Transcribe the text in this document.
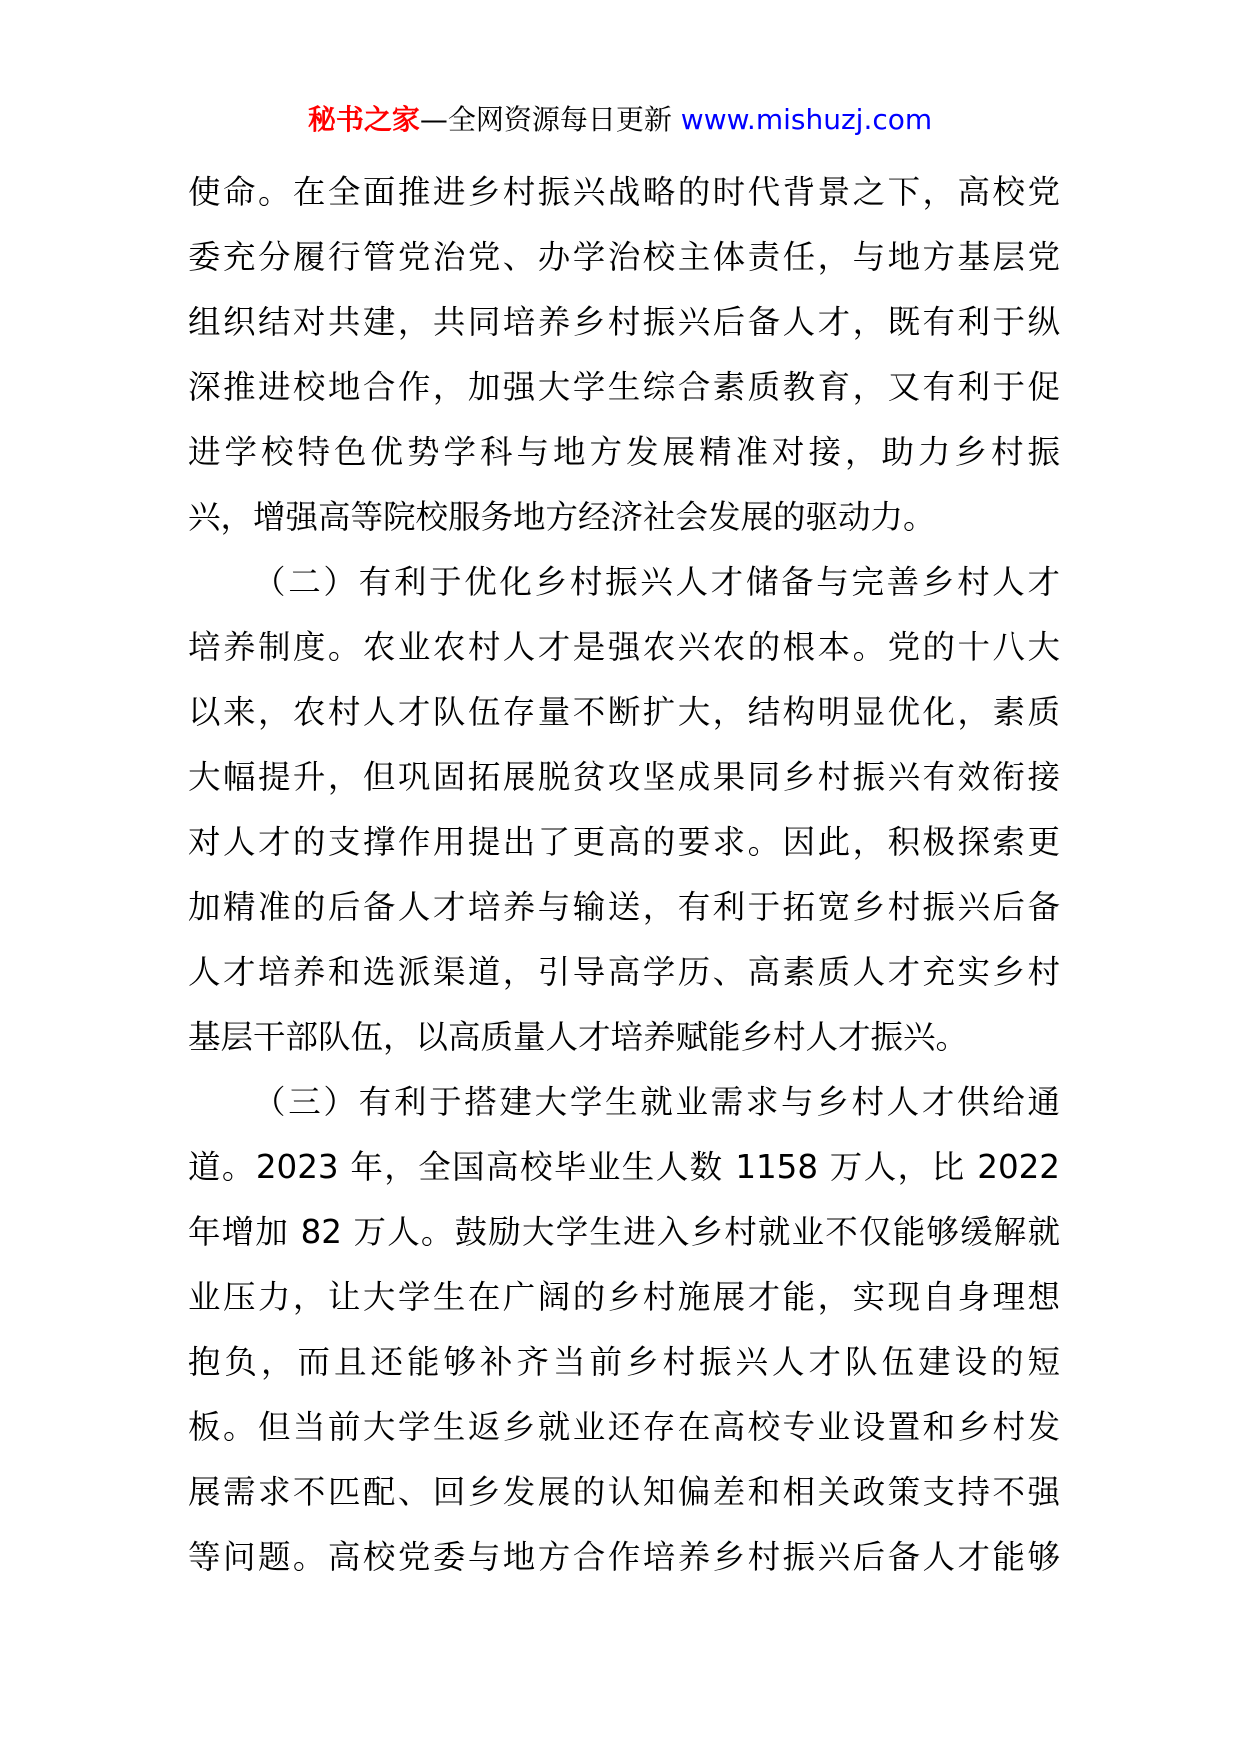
秘书之家—全网资源每日更新 www.mishuzj.com
使命。在全面推进乡村振兴战略的时代背景之下，高校党
委充分履行管党治党、办学治校主体责任，与地方基层党
组织结对共建，共同培养乡村振兴后备人才，既有利于纵
深推进校地合作，加强大学生综合素质教育，又有利于促
进学校特色优势学科与地方发展精准对接，助力乡村振
兴，增强高等院校服务地方经济社会发展的驱动力。
（二）有利于优化乡村振兴人才储备与完善乡村人才
培养制度。农业农村人才是强农兴农的根本。党的十八大
以来，农村人才队伍存量不断扩大，结构明显优化，素质
大幅提升，但巩固拓展脱贫攻坚成果同乡村振兴有效衔接
对人才的支撑作用提出了更高的要求。因此，积极探索更
加精准的后备人才培养与输送，有利于拓宽乡村振兴后备
人才培养和选派渠道，引导高学历、高素质人才充实乡村
基层干部队伍，以高质量人才培养赋能乡村人才振兴。
（三）有利于搭建大学生就业需求与乡村人才供给通
道。2023 年，全国高校毕业生人数 1158 万人，比 2022
年增加 82 万人。鼓励大学生进入乡村就业不仅能够缓解就
业压力，让大学生在广阔的乡村施展才能，实现自身理想
抱负，而且还能够补齐当前乡村振兴人才队伍建设的短
板。但当前大学生返乡就业还存在高校专业设置和乡村发
展需求不匹配、回乡发展的认知偏差和相关政策支持不强
等问题。高校党委与地方合作培养乡村振兴后备人才能够
